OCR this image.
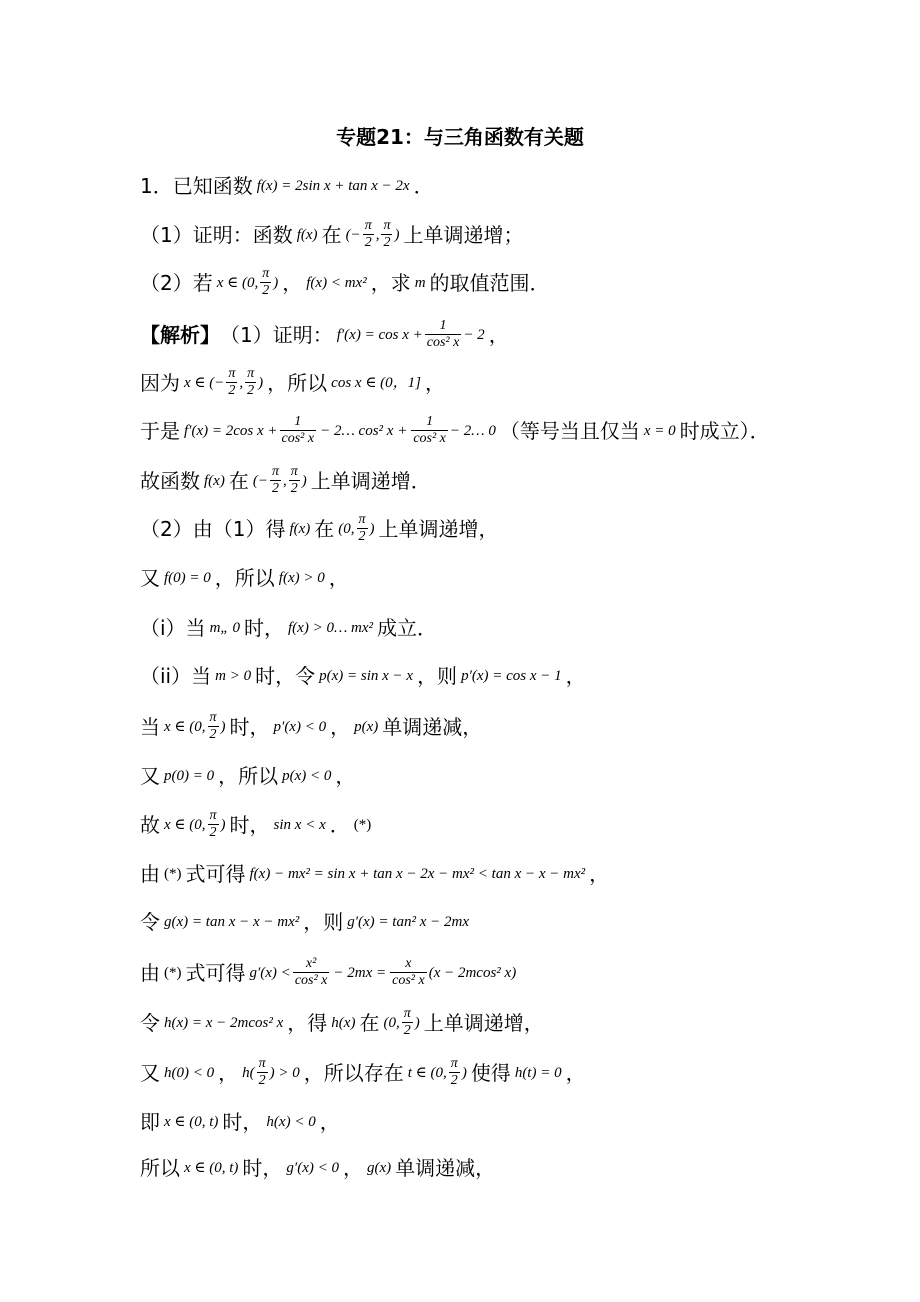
专题21：与三角函数有关题
1．已知函数 f(x) = 2sin x + tan x − 2x ．
（1）证明：函数 f(x) 在 (− $\frac{\pi}{2}$ , $\frac{\pi}{2}$ ) 上单调递增；
（2）若 x ∈ (0, $\frac{\pi}{2}$ ) ， f(x) < mx² ，求 m 的取值范围．
【解析】 （1）证明： $f'(x) = \cos x + \frac{1}{\text{cos² x}} - 2$ ，
因为 x ∈ (− $\frac{\pi}{2}$ , $\frac{\pi}{2}$ ) ，所以 cos x ∈ (0，1] ，
于是 f′(x) = 2cos $x + \frac{1}{\text{cos² x}}$ − 2… cos² $x + \frac{1}{\text{cos² x}}$ − 2… 0 （等号当且仅当 x = 0 时成立）．
故函数 f(x) 在 (− $\frac{\pi}{2}$ , $\frac{\pi}{2}$ ) 上单调递增．
（2）由（1）得 f(x) 在 (0, $\frac{\pi}{2}$ ) 上单调递增，
又 f(0) = 0 ，所以 f(x) > 0 ，
（i）当 m„ 0 时， f(x) > 0… mx² 成立．
（ii）当 m > 0 时，令 p(x) = sin x − x ，则 p′(x) = cos x − 1 ，
当 x ∈ (0, $\frac{\pi}{2}$ ) 时， p′(x) < 0 ， p(x) 单调递减，
又 p(0) = 0 ，所以 p(x) < 0 ，
故 x ∈ (0, $\frac{\pi}{2}$ ) 时， sin x < x ． (*)
由 (*) 式可得 f(x) − mx² = sin x + tan x − 2x − mx² < tan x − x − mx² ，
令 g(x) = tan x − x − mx² ，则 g′(x) = tan² x − 2mx
由 (*) 式可得 $g'(x) < \frac{\text{x²}}{\text{cos² x}} - 2mx = \frac{x}{\text{cos² x}} (x - 2mcos^2$ x)
令 h(x) = x − 2mcos² x ，得 h(x) 在 (0, $\frac{\pi}{2}$ ) 上单调递增，
又 h(0) < 0 ， $h( \frac{\pi}{2}$ ) > 0 ，所以存在 t ∈ (0, $\frac{\pi}{2}$ ) 使得 h(t) = 0 ，
即 x ∈ (0, t) 时， h(x) < 0 ，
所以 x ∈ (0, t) 时， g′(x) < 0 ， g(x) 单调递减，
